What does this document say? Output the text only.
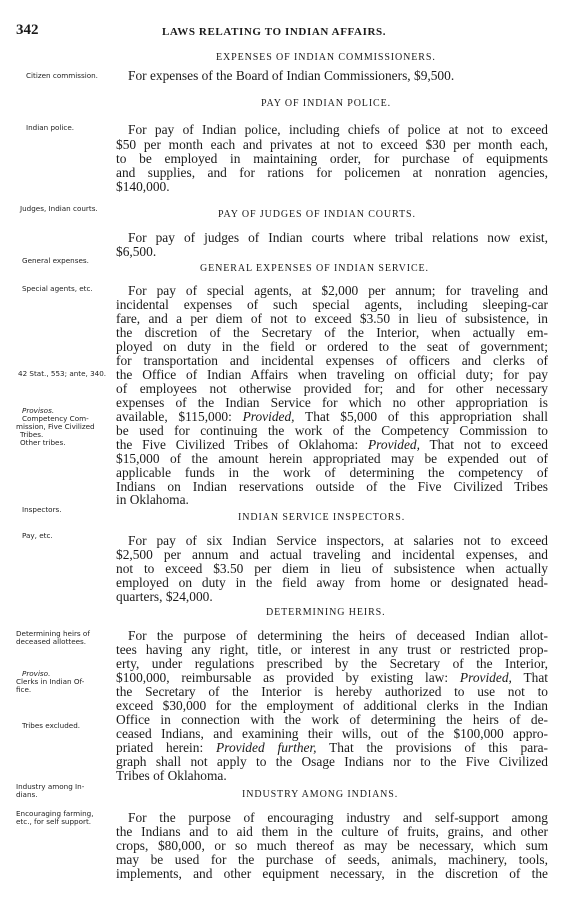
342	LAWS RELATING TO INDIAN AFFAIRS.
EXPENSES OF INDIAN COMMISSIONERS.
Citizen commission. For expenses of the Board of Indian Commissioners, $9,500.
PAY OF INDIAN POLICE.
Indian police.	For pay of Indian police, including chiefs of police at not to exceed
$50 per month each and privates at not to exceed $30 per month each,
to be employed in maintaining order, for purchase of equipments
and supplies, and for rations for policemen at nonration agencies,
$140,000.
Judges, Indian courts.
PAY OF JUDGES OF INDIAN COURTS.
For pay of judges of Indian courts where tribal relations now exist,
$6,500.
General expenses.
GENERAL EXPENSES OF INDIAN SERVICE.
Special agents, etc.	For pay of special agents, at $2,000 per annum; for traveling and
incidental expenses of such special agents, including sleeping-car
fare, and a per diem of not to exceed $3.50 in lieu of subsistence, in
the discretion of the Secretary of the Interior, when actually em-
ployed on duty in the field or ordered to the seat of government;
for transportation and incidental expenses of officers and clerks of
42 Stat., 553; ante, 340. the Office of Indian Affairs when traveling on official duty; for pay
of employees not otherwise provided for; and for other necessary
expenses of the Indian Service for which no other appropriation is
Provisos.	available, $115,000: Provided, That $5,000 of this appropriation shall
Competency Com-
mission, Five Civilized be used for continuing the work of the Competency Commission to
Tribes.
Other tribes.	the Five Civilized Tribes of Oklahoma: Provided, That not to exceed
$15,000 of the amount herein appropriated may be expended out of
applicable funds in the work of determining the competency of
Indians on Indian reservations outside of the Five Civilized Tribes
in Oklahoma.
Inspectors.
INDIAN SERVICE INSPECTORS.
Pay, etc.	For pay of six Indian Service inspectors, at salaries not to exceed
$2,500 per annum and actual traveling and incidental expenses, and
not to exceed $3.50 per diem in lieu of subsistence when actually
employed on duty in the field away from home or designated head-
quarters, $24,000.
DETERMINING HEIRS.
Determining heirs of	For the purpose of determining the heirs of deceased Indian allot-
deceased allottees.
tees having any right, title, or interest in any trust or restricted prop-
erty, under regulations prescribed by the Secretary of the Interior,
Proviso.	$100,000, reimbursable as provided by existing law: Provided, That
Clerks in Indian Of-
fice.	the Secretary of the Interior is hereby authorized to use not to
exceed $30,000 for the employment of additional clerks in the Indian
Office in connection with the work of determining the heirs of de-
Tribes excluded.
ceased Indians, and examining their wills, out of the $100,000 appro-
priated herein: Provided further, That the provisions of this para-
graph shall not apply to the Osage Indians nor to the Five Civilized
Tribes of Oklahoma.
Industry among In-
dians.	INDUSTRY AMONG INDIANS.
Encouraging farming,	For the purpose of encouraging industry and self-support among
etc., for self support.
the Indians and to aid them in the culture of fruits, grains, and other
crops, $80,000, or so much thereof as may be necessary, which sum
may be used for the purchase of seeds, animals, machinery, tools,
implements, and other equipment necessary, in the discretion of the
